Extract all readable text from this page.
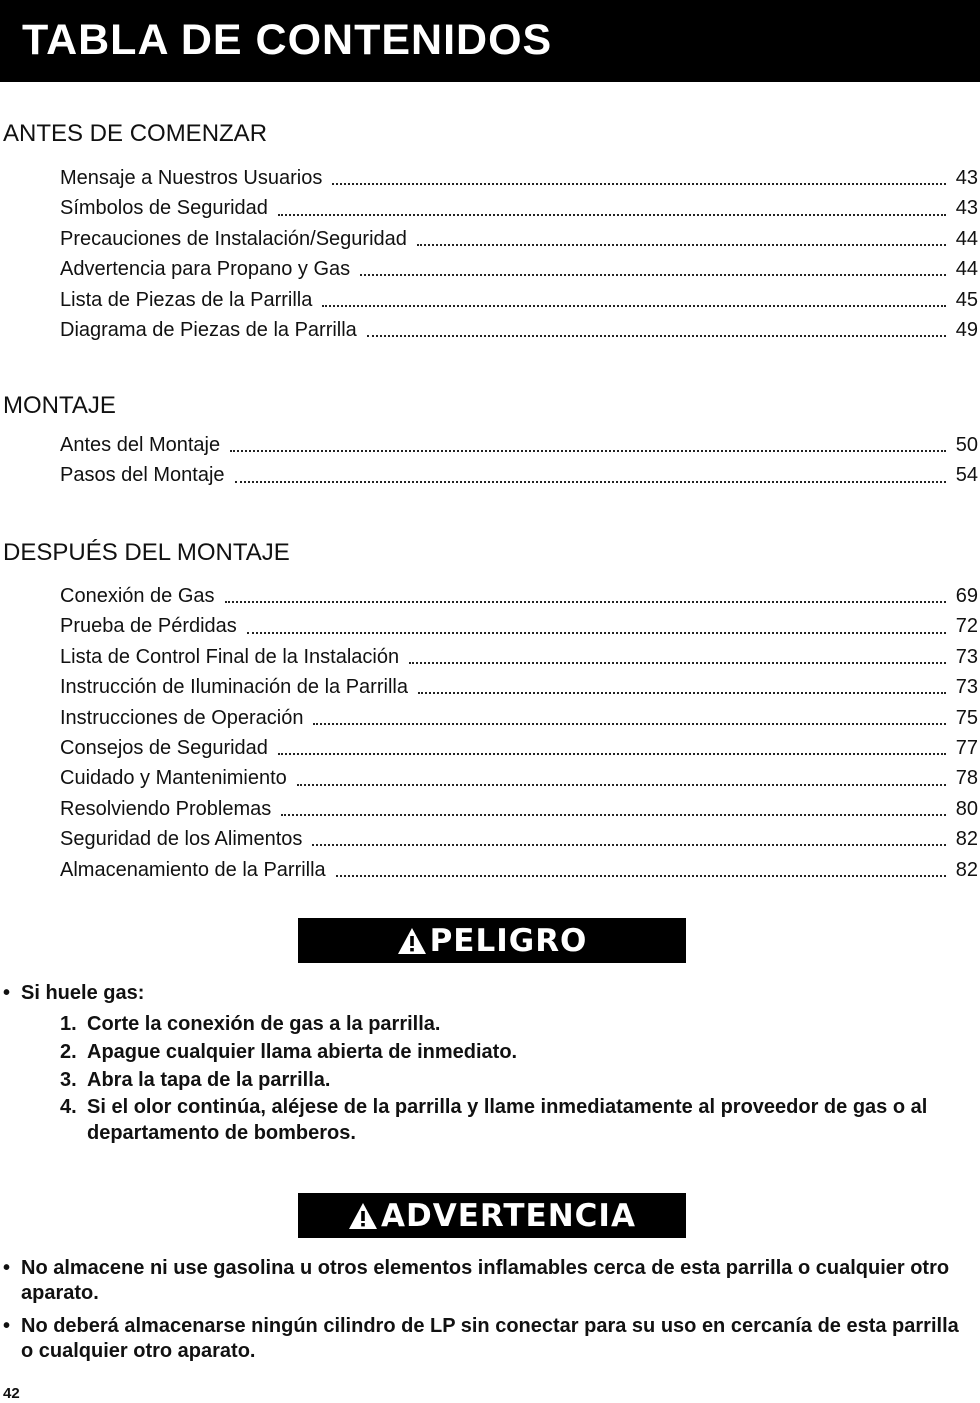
TABLA DE CONTENIDOS
ANTES DE COMENZAR
Mensaje a Nuestros Usuarios	43
Símbolos de Seguridad	43
Precauciones de Instalación/Seguridad	44
Advertencia para Propano y Gas	44
Lista de Piezas de la Parrilla	45
Diagrama de Piezas de la Parrilla	49
MONTAJE
Antes del Montaje	50
Pasos del Montaje	54
DESPUÉS DEL MONTAJE
Conexión de Gas	69
Prueba de Pérdidas	72
Lista de Control Final de la Instalación	73
Instrucción de Iluminación de la Parrilla	73
Instrucciones de Operación	75
Consejos de Seguridad	77
Cuidado y Mantenimiento	78
Resolviendo Problemas	80
Seguridad de los Alimentos	82
Almacenamiento de la Parrilla	82
PELIGRO
• Si huele gas:
1. Corte la conexión de gas a la parrilla.
2. Apague cualquier llama abierta de inmediato.
3. Abra la tapa de la parrilla.
4. Si el olor continúa, aléjese de la parrilla y llame inmediatamente al proveedor de gas o al departamento de bomberos.
ADVERTENCIA
• No almacene ni use gasolina u otros elementos inflamables cerca de esta parrilla o cualquier otro aparato.
• No deberá almacenarse ningún cilindro de LP sin conectar para su uso en cercanía de esta parrilla o cualquier otro aparato.
42
